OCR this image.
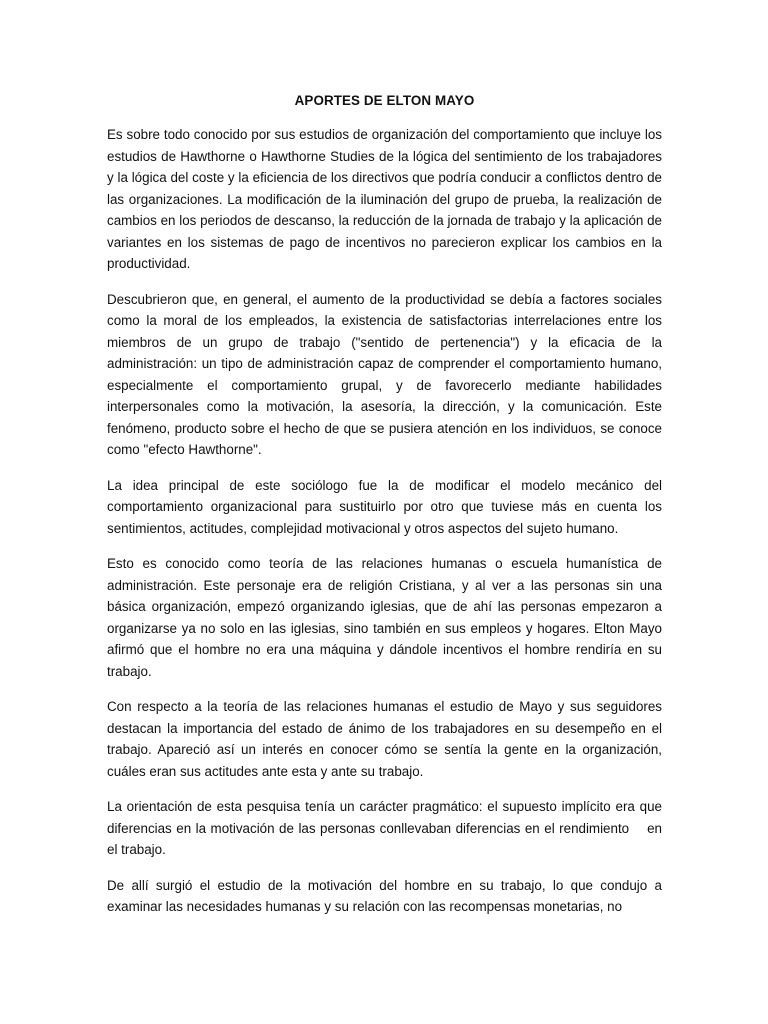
APORTES DE ELTON MAYO

Es sobre todo conocido por sus estudios de organización del comportamiento que incluye los estudios de Hawthorne o Hawthorne Studies de la lógica del sentimiento de los trabajadores y la lógica del coste y la eficiencia de los directivos que podría conducir a conflictos dentro de las organizaciones. La modificación de la iluminación del grupo de prueba, la realización de cambios en los periodos de descanso, la reducción de la jornada de trabajo y la aplicación de variantes en los sistemas de pago de incentivos no parecieron explicar los cambios en la productividad.

Descubrieron que, en general, el aumento de la productividad se debía a factores sociales como la moral de los empleados, la existencia de satisfactorias interrelaciones entre los miembros de un grupo de trabajo ("sentido de pertenencia") y la eficacia de la administración: un tipo de administración capaz de comprender el comportamiento humano, especialmente el comportamiento grupal, y de favorecerlo mediante habilidades interpersonales como la motivación, la asesoría, la dirección, y la comunicación. Este fenómeno, producto sobre el hecho de que se pusiera atención en los individuos, se conoce como "efecto Hawthorne".

La idea principal de este sociólogo fue la de modificar el modelo mecánico del comportamiento organizacional para sustituirlo por otro que tuviese más en cuenta los sentimientos, actitudes, complejidad motivacional y otros aspectos del sujeto humano.

Esto es conocido como teoría de las relaciones humanas o escuela humanística de administración. Este personaje era de religión Cristiana, y al ver a las personas sin una básica organización, empezó organizando iglesias, que de ahí las personas empezaron a organizarse ya no solo en las iglesias, sino también en sus empleos y hogares. Elton Mayo afirmó que el hombre no era una máquina y dándole incentivos el hombre rendiría en su trabajo.

Con respecto a la teoría de las relaciones humanas el estudio de Mayo y sus seguidores destacan la importancia del estado de ánimo de los trabajadores en su desempeño en el trabajo. Apareció así un interés en conocer cómo se sentía la gente en la organización, cuáles eran sus actitudes ante esta y ante su trabajo.

La orientación de esta pesquisa tenía un carácter pragmático: el supuesto implícito era que diferencias en la motivación de las personas conllevaban diferencias en el rendimiento    en el trabajo.

De allí surgió el estudio de la motivación del hombre en su trabajo, lo que condujo a examinar las necesidades humanas y su relación con las recompensas monetarias, no
